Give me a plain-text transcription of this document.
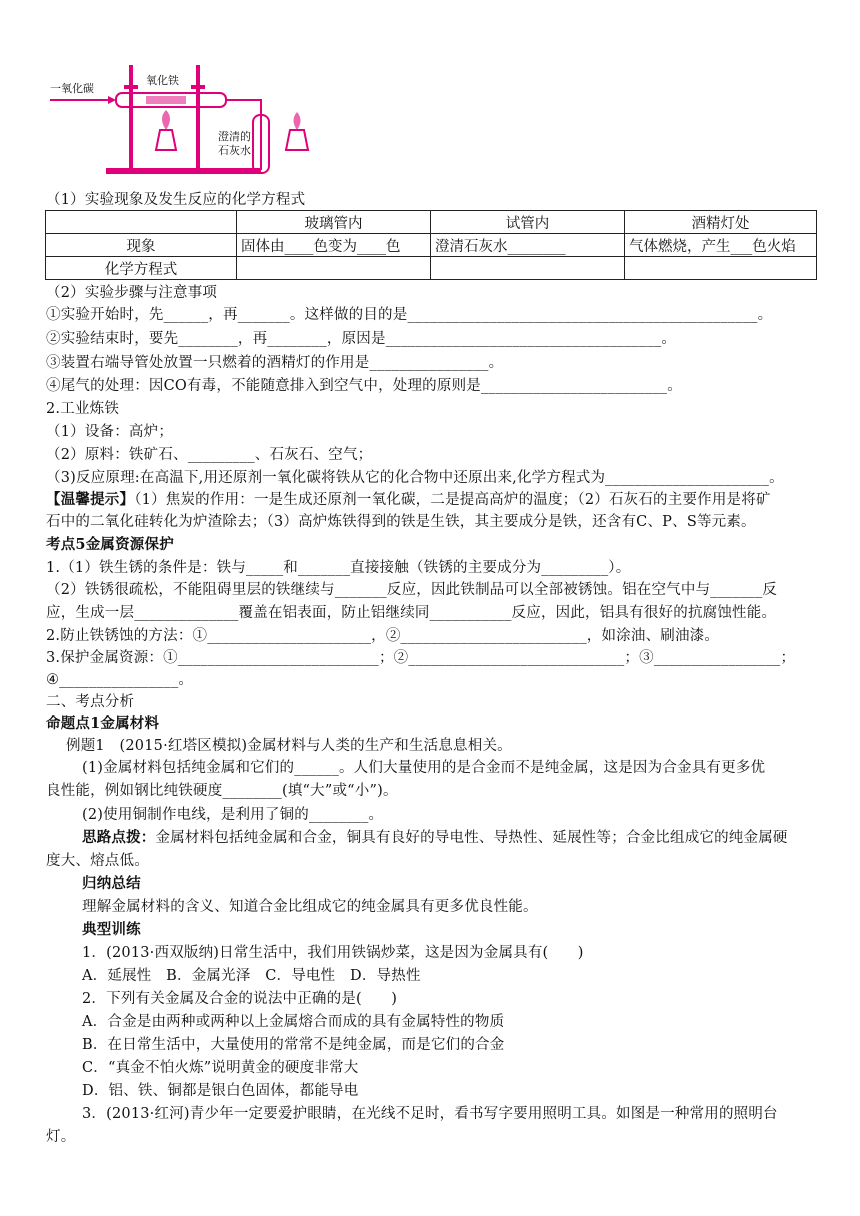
一氧化碳
氧化铁
澄清的
石灰水
（1）实验现象及发生反应的化学方程式
	玻璃管内	试管内	酒精灯处
现象	固体由____色变为____色	澄清石灰水________	气体燃烧，产生___色火焰
化学方程式			
（2）实验步骤与注意事项
①实验开始时，先______，再_______。这样做的目的是_______________________________________________。
②实验结束时，要先________，再________，原因是_____________________________________。
③装置右端导管处放置一只燃着的酒精灯的作用是________________。
④尾气的处理：因CO有毒，不能随意排入到空气中，处理的原则是_________________________。
2.工业炼铁
（1）设备：高炉；
（2）原料：铁矿石、_________、石灰石、空气；
（3)反应原理:在高温下,用还原剂一氧化碳将铁从它的化合物中还原出来,化学方程式为______________________。
【温馨提示】（1）焦炭的作用：一是生成还原剂一氧化碳，二是提高高炉的温度；（2）石灰石的主要作用是将矿
石中的二氧化硅转化为炉渣除去；（3）高炉炼铁得到的铁是生铁，其主要成分是铁，还含有C、P、S等元素。
考点5金属资源保护
1.（1）铁生锈的条件是：铁与_____和_______直接接触（铁锈的主要成分为_________）。
（2）铁锈很疏松，不能阻碍里层的铁继续与_______反应，因此铁制品可以全部被锈蚀。铝在空气中与_______反
应，生成一层______________覆盖在铝表面，防止铝继续同___________反应，因此，铝具有很好的抗腐蚀性能。
2.防止铁锈蚀的方法：①______________________，②_________________________，如涂油、刷油漆。
3.保护金属资源：①___________________________；②_____________________________；③_________________；
④________________。
二、考点分析
命题点1金属材料
例题1　(2015·红塔区模拟)金属材料与人类的生产和生活息息相关。
(1)金属材料包括纯金属和它们的______。人们大量使用的是合金而不是纯金属，这是因为合金具有更多优
良性能，例如钢比纯铁硬度________(填“大”或“小”)。
(2)使用铜制作电线，是利用了铜的________。
思路点拨：金属材料包括纯金属和合金，铜具有良好的导电性、导热性、延展性等；合金比组成它的纯金属硬
度大、熔点低。
归纳总结
理解金属材料的含义、知道合金比组成它的纯金属具有更多优良性能。
典型训练
1．(2013·西双版纳)日常生活中，我们用铁锅炒菜，这是因为金属具有(　　)
A．延展性　B．金属光泽　C．导电性　D．导热性
2．下列有关金属及合金的说法中正确的是(　　)
A．合金是由两种或两种以上金属熔合而成的具有金属特性的物质
B．在日常生活中，大量使用的常常不是纯金属，而是它们的合金
C．“真金不怕火炼”说明黄金的硬度非常大
D．铝、铁、铜都是银白色固体，都能导电
3．(2013·红河)青少年一定要爱护眼睛，在光线不足时，看书写字要用照明工具。如图是一种常用的照明台
灯。
